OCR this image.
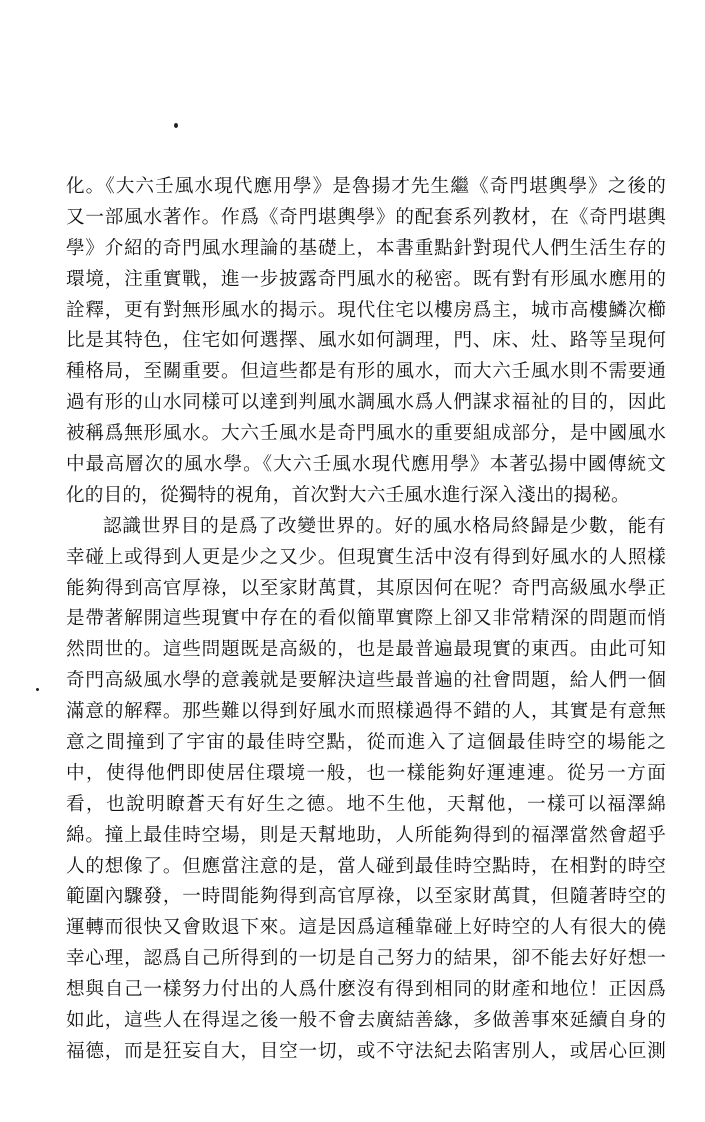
化。《大六壬風水現代應用學》是魯揚才先生繼《奇門堪輿學》之後的
又一部風水著作。作爲《奇門堪輿學》的配套系列教材，在《奇門堪輿
學》介紹的奇門風水理論的基礎上，本書重點針對現代人們生活生存的
環境，注重實戰，進一步披露奇門風水的秘密。既有對有形風水應用的
詮釋，更有對無形風水的揭示。現代住宅以樓房爲主，城市高樓鱗次櫛
比是其特色，住宅如何選擇、風水如何調理，門、床、灶、路等呈現何
種格局，至關重要。但這些都是有形的風水，而大六壬風水則不需要通
過有形的山水同樣可以達到判風水調風水爲人們謀求福祉的目的，因此
被稱爲無形風水。大六壬風水是奇門風水的重要組成部分，是中國風水
中最高層次的風水學。《大六壬風水現代應用學》本著弘揚中國傳統文
化的目的，從獨特的視角，首次對大六壬風水進行深入淺出的揭秘。
認識世界目的是爲了改變世界的。好的風水格局終歸是少數，能有
幸碰上或得到人更是少之又少。但現實生活中沒有得到好風水的人照樣
能夠得到高官厚祿，以至家財萬貫，其原因何在呢？奇門高級風水學正
是帶著解開這些現實中存在的看似簡單實際上卻又非常精深的問題而悄
然問世的。這些問題既是高級的，也是最普遍最現實的東西。由此可知
奇門高級風水學的意義就是要解決這些最普遍的社會問題，給人們一個
滿意的解釋。那些難以得到好風水而照樣過得不錯的人，其實是有意無
意之間撞到了宇宙的最佳時空點，從而進入了這個最佳時空的場能之
中，使得他們即使居住環境一般，也一樣能夠好運連連。從另一方面
看，也說明瞭蒼天有好生之德。地不生他，天幫他，一樣可以福澤綿
綿。撞上最佳時空場，則是天幫地助，人所能夠得到的福澤當然會超乎
人的想像了。但應當注意的是，當人碰到最佳時空點時，在相對的時空
範圍內驟發，一時間能夠得到高官厚祿，以至家財萬貫，但隨著時空的
運轉而很快又會敗退下來。這是因爲這種靠碰上好時空的人有很大的僥
幸心理，認爲自己所得到的一切是自己努力的結果，卻不能去好好想一
想與自己一樣努力付出的人爲什麽沒有得到相同的財產和地位！正因爲
如此，這些人在得逞之後一般不會去廣結善緣，多做善事來延續自身的
福德，而是狂妄自大，目空一切，或不守法紀去陷害別人，或居心叵測
